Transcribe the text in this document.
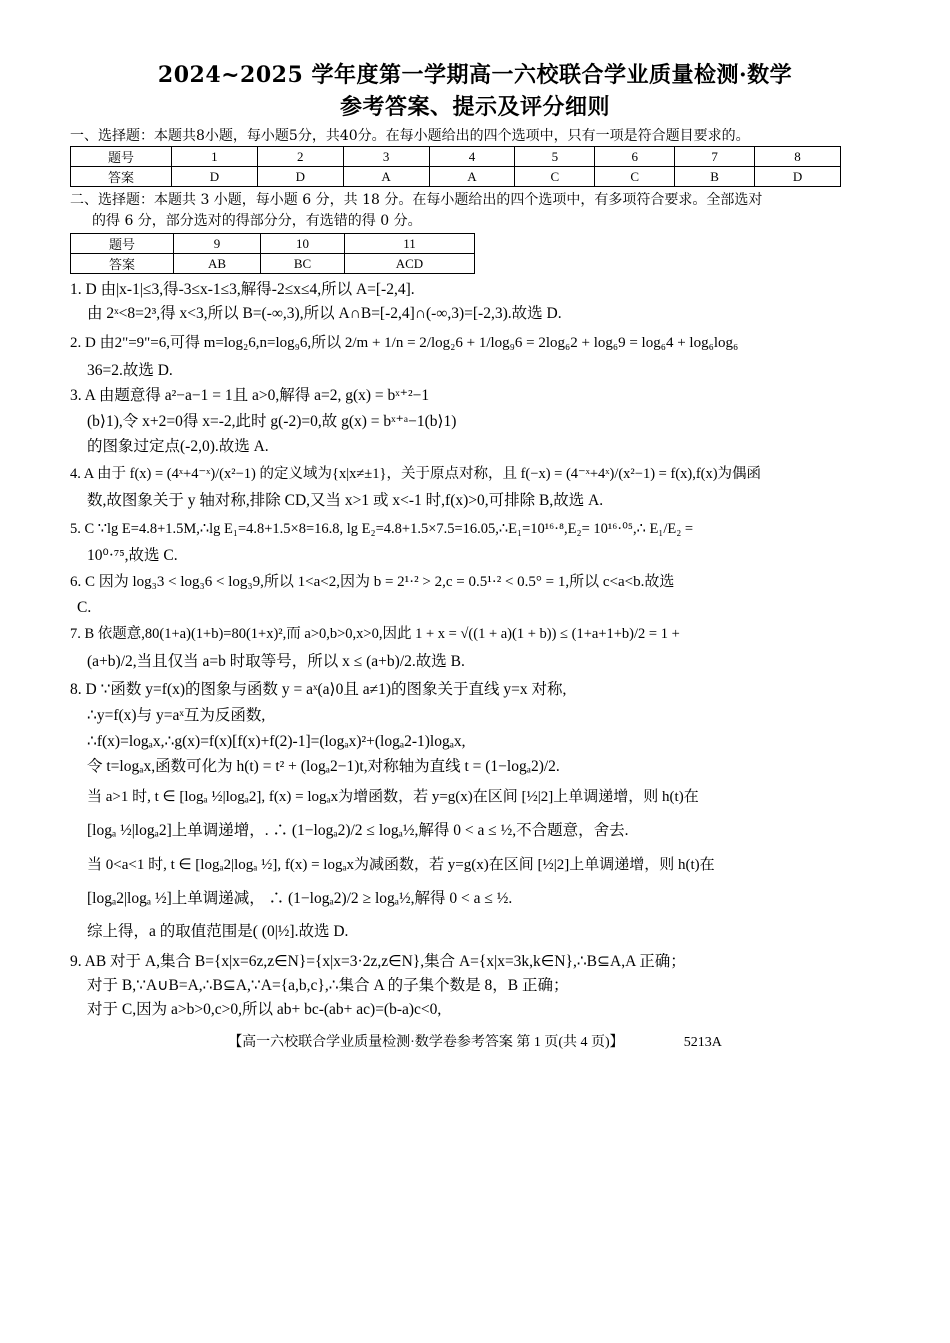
2024~2025 学年度第一学期高一六校联合学业质量检测·数学
参考答案、提示及评分细则
一、选择题：本题共8小题，每小题5分，共40分。在每小题给出的四个选项中，只有一项是符合题目要求的。
题号	1	2	3	4	5	6	7	8
答案	D	D	A	A	C	C	B	D
二、选择题：本题共 3 小题，每小题 6 分，共 18 分。在每小题给出的四个选项中，有多项符合要求。全部选对
的得 6 分，部分选对的得部分分，有选错的得 0 分。
题号	9	10	11
答案	AB	BC	ACD
1. D 由|x-1|≤3,得-3≤x-1≤3,解得-2≤x≤4,所以 A=[-2,4].
由 2ˣ<8=2³,得 x<3,所以 B=(-∞,3),所以 A∩B=[-2,4]∩(-∞,3)=[-2,3).故选 D.
2. D 由2"=9"=6,可得 m=log₂6,n=log₉6,所以 2/m + 1/n = 2/log₂6 + 1/log₉6 = 2log₆2 + log₆9 = log₆4 + log₆log₆
36=2.故选 D.
3. A 由题意得 a²−a−1 = 1且 a>0,解得 a=2, g(x) = bˣ⁺²−1
(b⟩1),令 x+2=0得 x=-2,此时 g(-2)=0,故 g(x) = bˣ⁺ᵃ−1(b⟩1)
的图象过定点(-2,0).故选 A.
4. A 由于 f(x) = (4ˣ+4⁻ˣ)/(x²−1) 的定义域为{x|x≠±1}，关于原点对称，且 f(−x) = (4⁻ˣ+4ˣ)/(x²−1) = f(x),f(x)为偶函
数,故图象关于 y 轴对称,排除 CD,又当 x>1 或 x<-1 时,f(x)>0,可排除 B,故选 A.
5. C ∵lg E=4.8+1.5M,∴lg E₁=4.8+1.5×8=16.8, lg E₂=4.8+1.5×7.5=16.05,∴E₁=10¹⁶·⁸,E₂= 10¹⁶·⁰⁵,∴ E₁/E₂ =
10⁰·⁷⁵,故选 C.
6. C 因为 log₃3 < log₃6 < log₃9,所以 1<a<2,因为 b = 2¹·² > 2,c = 0.5¹·² < 0.5° = 1,所以 c<a<b.故选
C.
7. B 依题意,80(1+a)(1+b)=80(1+x)²,而 a>0,b>0,x>0,因此 1 + x = √((1 + a)(1 + b)) ≤ (1+a+1+b)/2 = 1 +
(a+b)/2,当且仅当 a=b 时取等号，所以 x ≤ (a+b)/2.故选 B.
8. D ∵函数 y=f(x)的图象与函数 y = aˣ(a⟩0且 a≠1)的图象关于直线 y=x 对称,
∴y=f(x)与 y=aˣ互为反函数,
∴f(x)=logₐx,∴g(x)=f(x)[f(x)+f(2)-1]=(logₐx)²+(logₐ2-1)logₐx,
令 t=logₐx,函数可化为 h(t) = t² + (logₐ2−1)t,对称轴为直线 t = (1−logₐ2)/2.
当 a>1 时, t ∈ [logₐ ½|logₐ2], f(x) = logₐx为增函数，若 y=g(x)在区间 [½|2]上单调递增，则 h(t)在
[logₐ ½|logₐ2]上单调递增，. ∴ (1−logₐ2)/2 ≤ logₐ½,解得 0 < a ≤ ½,不合题意，舍去.
当 0<a<1 时, t ∈ [logₐ2|logₐ ½], f(x) = logₐx为减函数，若 y=g(x)在区间 [½|2]上单调递增，则 h(t)在
[logₐ2|logₐ ½]上单调递减， ∴ (1−logₐ2)/2 ≥ logₐ½,解得 0 < a ≤ ½.
综上得，a 的取值范围是( (0|½].故选 D.
9. AB 对于 A,集合 B={x|x=6z,z∈N}={x|x=3·2z,z∈N},集合 A={x|x=3k,k∈N},∴B⊆A,A 正确；
对于 B,∵A∪B=A,∴B⊆A,∵A={a,b,c},∴集合 A 的子集个数是 8，B 正确；
对于 C,因为 a>b>0,c>0,所以 ab+ bc-(ab+ ac)=(b-a)c<0,
【高一六校联合学业质量检测·数学卷参考答案 第 1 页(共 4 页)】	5213A
